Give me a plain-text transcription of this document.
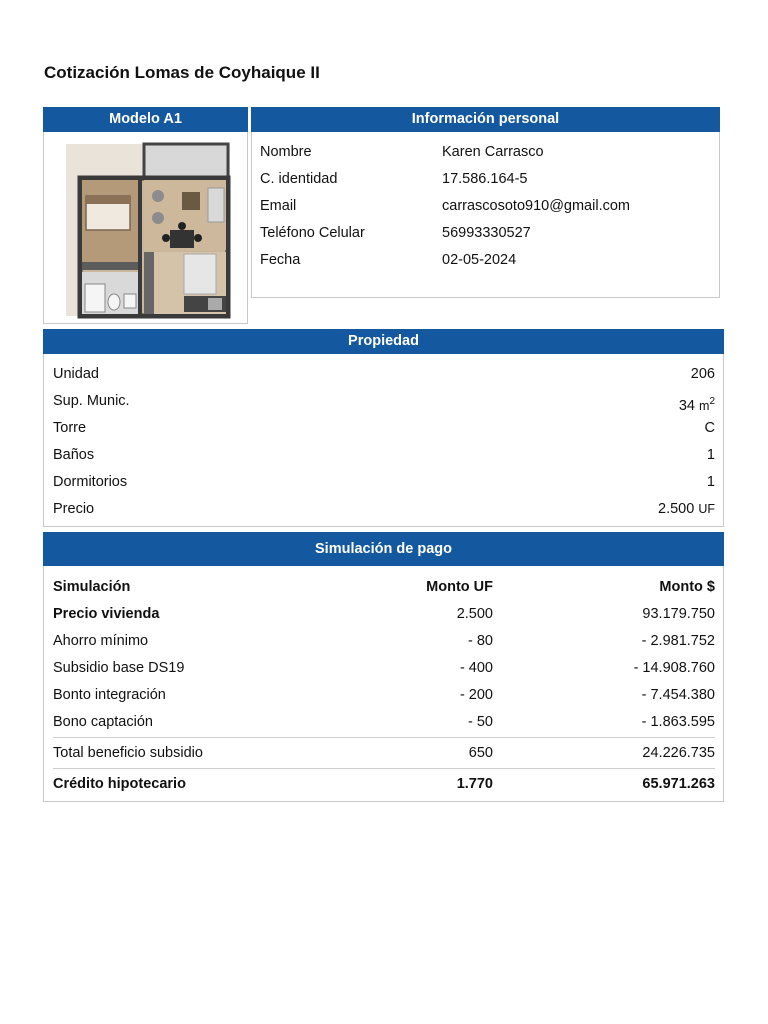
Cotización Lomas de Coyhaique II
Modelo A1	Información personal
Nombre	Karen Carrasco
C. identidad	17.586.164-5
Email	carrascosoto910@gmail.com
Teléfono Celular	56993330527
Fecha	02-05-2024
Propiedad
Unidad	206
Sup. Munic.	34 $m^2$
Torre	C
Baños	1
Dormitorios	1
Precio	2.500 UF
Simulación de pago
Simulación	Monto UF	Monto $
Precio vivienda	2.500	93.179.750
Ahorro mínimo	- 80	- 2.981.752
Subsidio base DS19	- 400	- 14.908.760
Bonto integración	- 200	- 7.454.380
Bono captación	- 50	- 1.863.595
Total beneficio subsidio	650	24.226.735
Crédito hipotecario	1.770	65.971.263
